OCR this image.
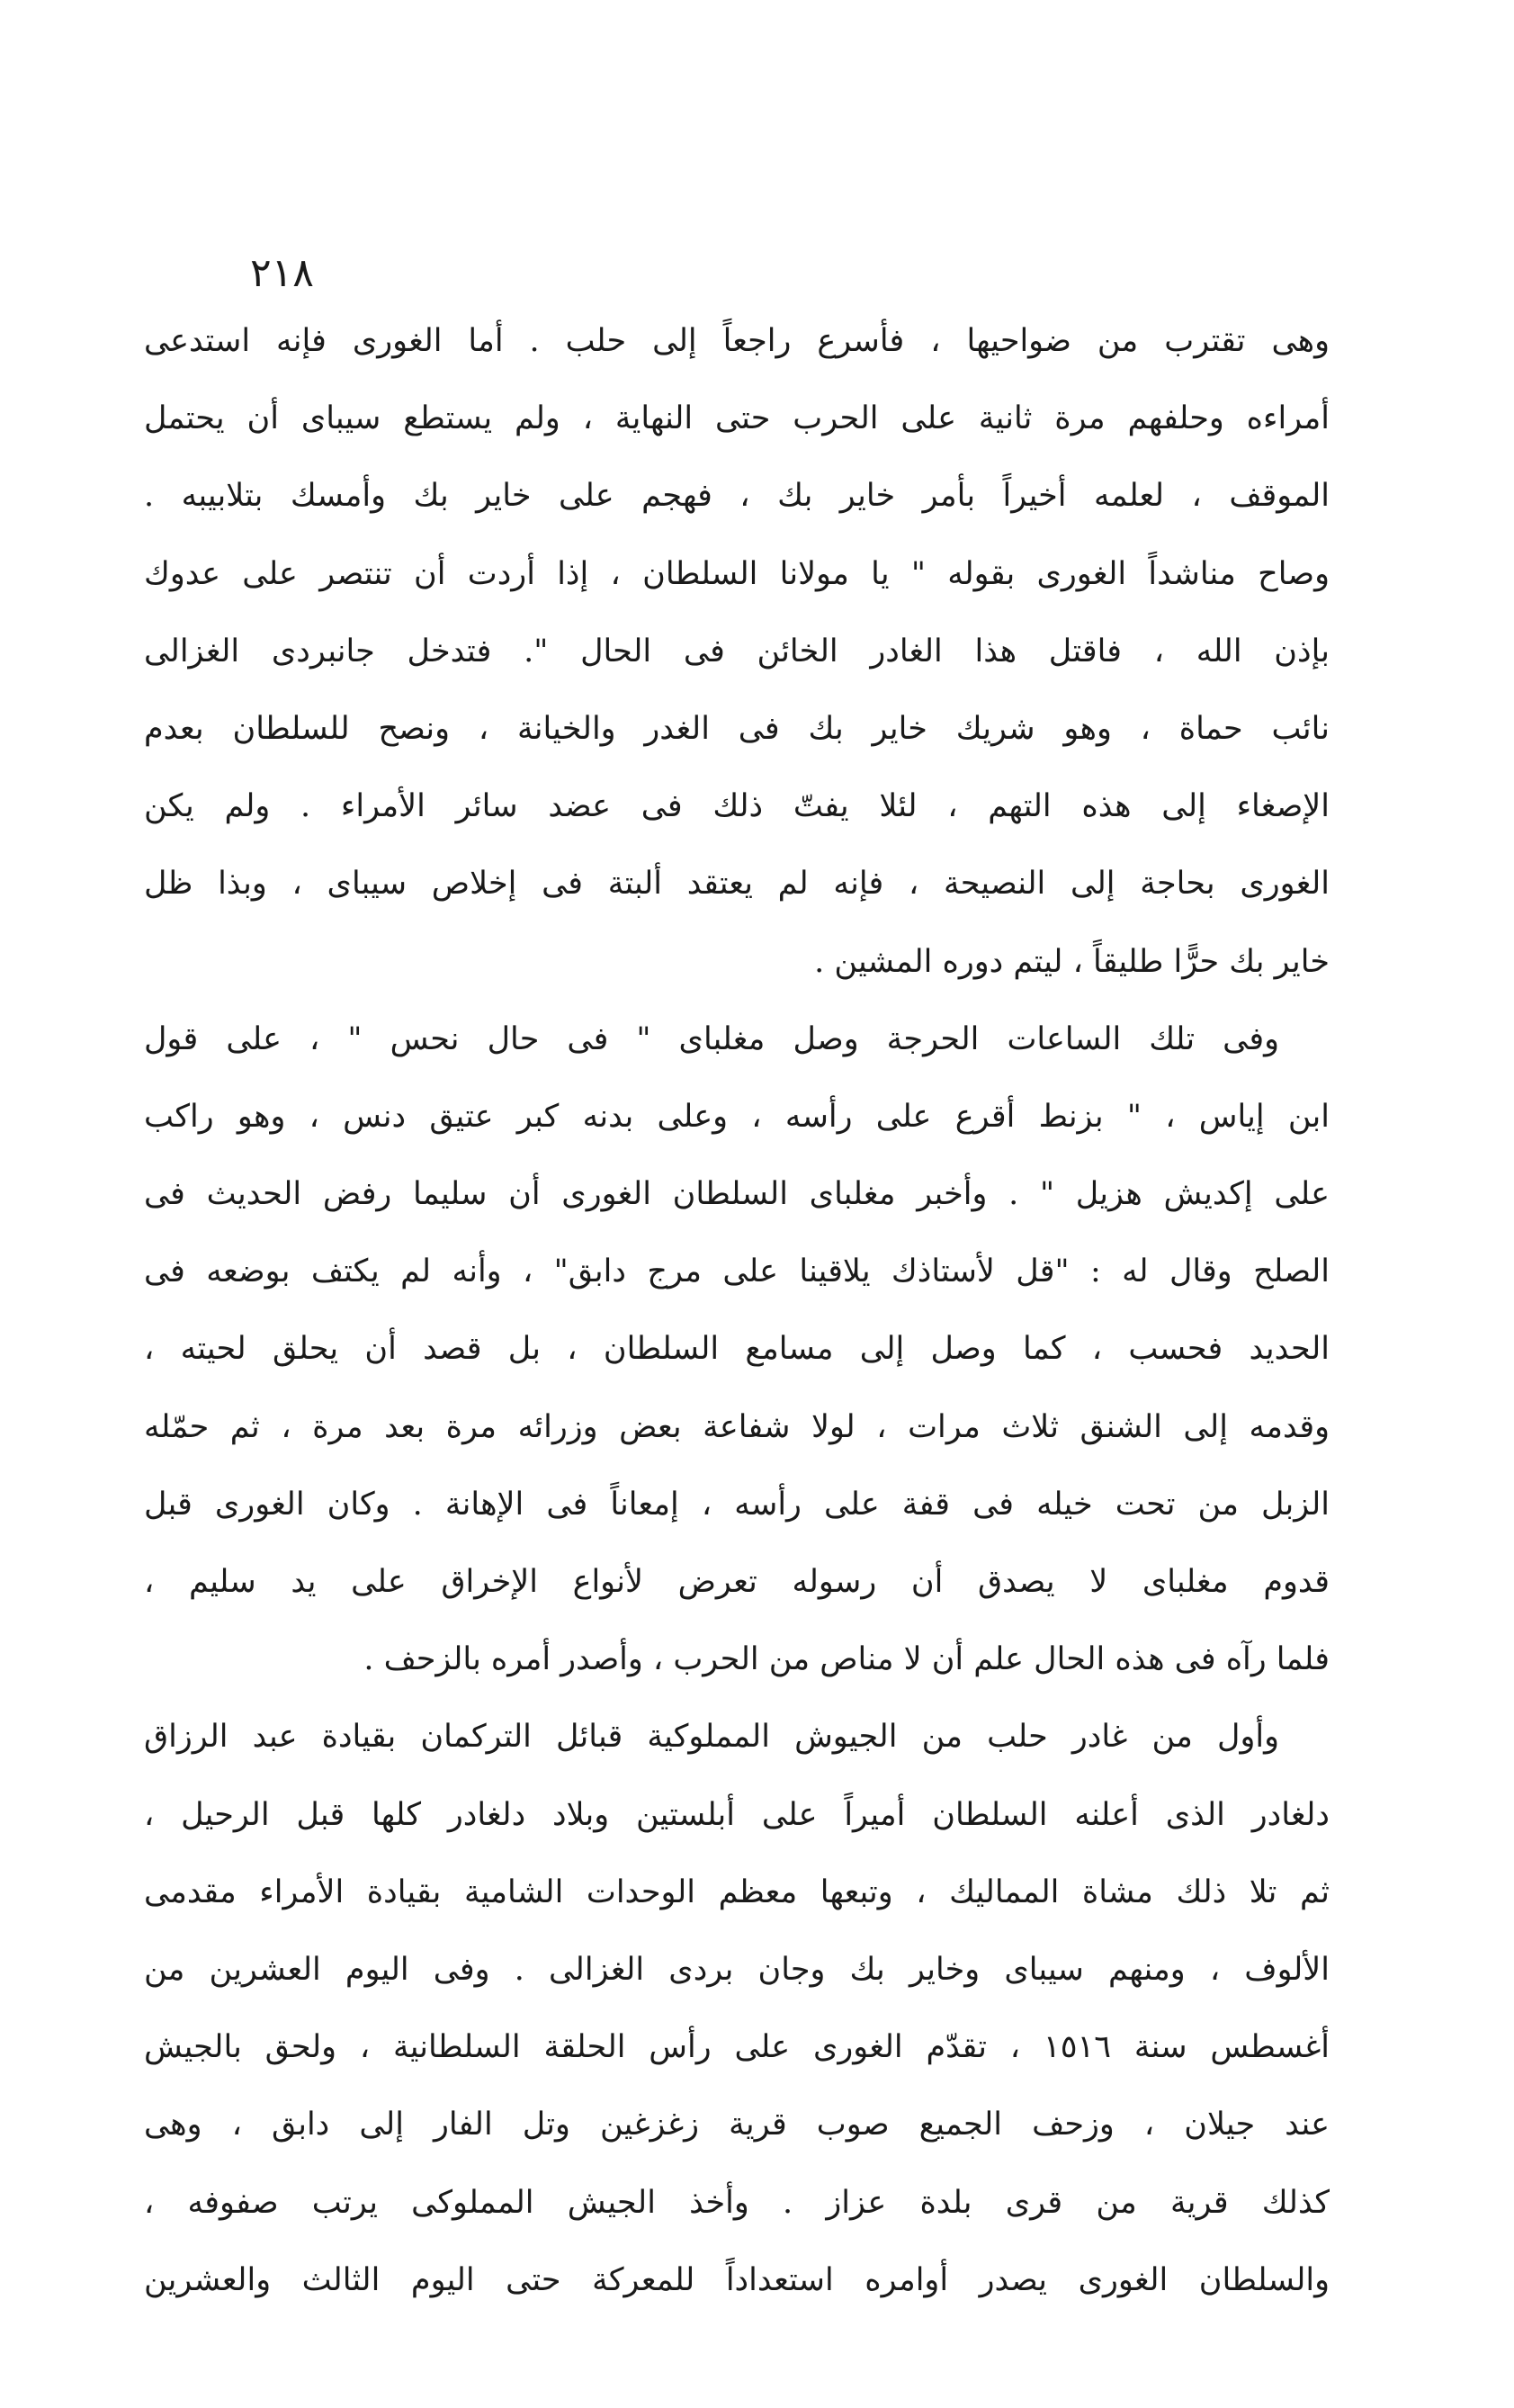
٢١٨
وهى تقترب من ضواحيها ، فأسرع راجعاً إلى حلب . أما الغورى فإنه استدعى
أمراءه وحلفهم مرة ثانية على الحرب حتى النهاية ، ولم يستطع سيباى أن يحتمل
الموقف ، لعلمه أخيراً بأمر خاير بك ، فهجم على خاير بك وأمسك بتلابيبه .
وصاح مناشداً الغورى بقوله " يا مولانا السلطان ، إذا أردت أن تنتصر على عدوك
بإذن الله ، فاقتل هذا الغادر الخائن فى الحال ". فتدخل جانبردى الغزالى
نائب حماة ، وهو شريك خاير بك فى الغدر والخيانة ، ونصح للسلطان بعدم
الإصغاء إلى هذه التهم ، لئلا يفتّ ذلك فى عضد سائر الأمراء . ولم يكن
الغورى بحاجة إلى النصيحة ، فإنه لم يعتقد ألبتة فى إخلاص سيباى ، وبذا ظل
خاير بك حرًّا طليقاً ، ليتم دوره المشين .
وفى تلك الساعات الحرجة وصل مغلباى " فى حال نحس " ، على قول
ابن إياس ، " بزنط أقرع على رأسه ، وعلى بدنه كبر عتيق دنس ، وهو راكب
على إكديش هزيل " . وأخبر مغلباى السلطان الغورى أن سليما رفض الحديث فى
الصلح وقال له : "قل لأستاذك يلاقينا على مرج دابق" ، وأنه لم يكتف بوضعه فى
الحديد فحسب ، كما وصل إلى مسامع السلطان ، بل قصد أن يحلق لحيته ،
وقدمه إلى الشنق ثلاث مرات ، لولا شفاعة بعض وزرائه مرة بعد مرة ، ثم حمّله
الزبل من تحت خيله فى قفة على رأسه ، إمعاناً فى الإهانة . وكان الغورى قبل
قدوم مغلباى لا يصدق أن رسوله تعرض لأنواع الإخراق على يد سليم ،
فلما رآه فى هذه الحال علم أن لا مناص من الحرب ، وأصدر أمره بالزحف .
وأول من غادر حلب من الجيوش المملوكية قبائل التركمان بقيادة عبد الرزاق
دلغادر الذى أعلنه السلطان أميراً على أبلستين وبلاد دلغادر كلها قبل الرحيل ،
ثم تلا ذلك مشاة المماليك ، وتبعها معظم الوحدات الشامية بقيادة الأمراء مقدمى
الألوف ، ومنهم سيباى وخاير بك وجان بردى الغزالى . وفى اليوم العشرين من
أغسطس سنة ١٥١٦ ، تقدّم الغورى على رأس الحلقة السلطانية ، ولحق بالجيش
عند جيلان ، وزحف الجميع صوب قرية زغزغين وتل الفار إلى دابق ، وهى
كذلك قرية من قرى بلدة عزاز . وأخذ الجيش المملوكى يرتب صفوفه ،
والسلطان الغورى يصدر أوامره استعداداً للمعركة حتى اليوم الثالث والعشرين
